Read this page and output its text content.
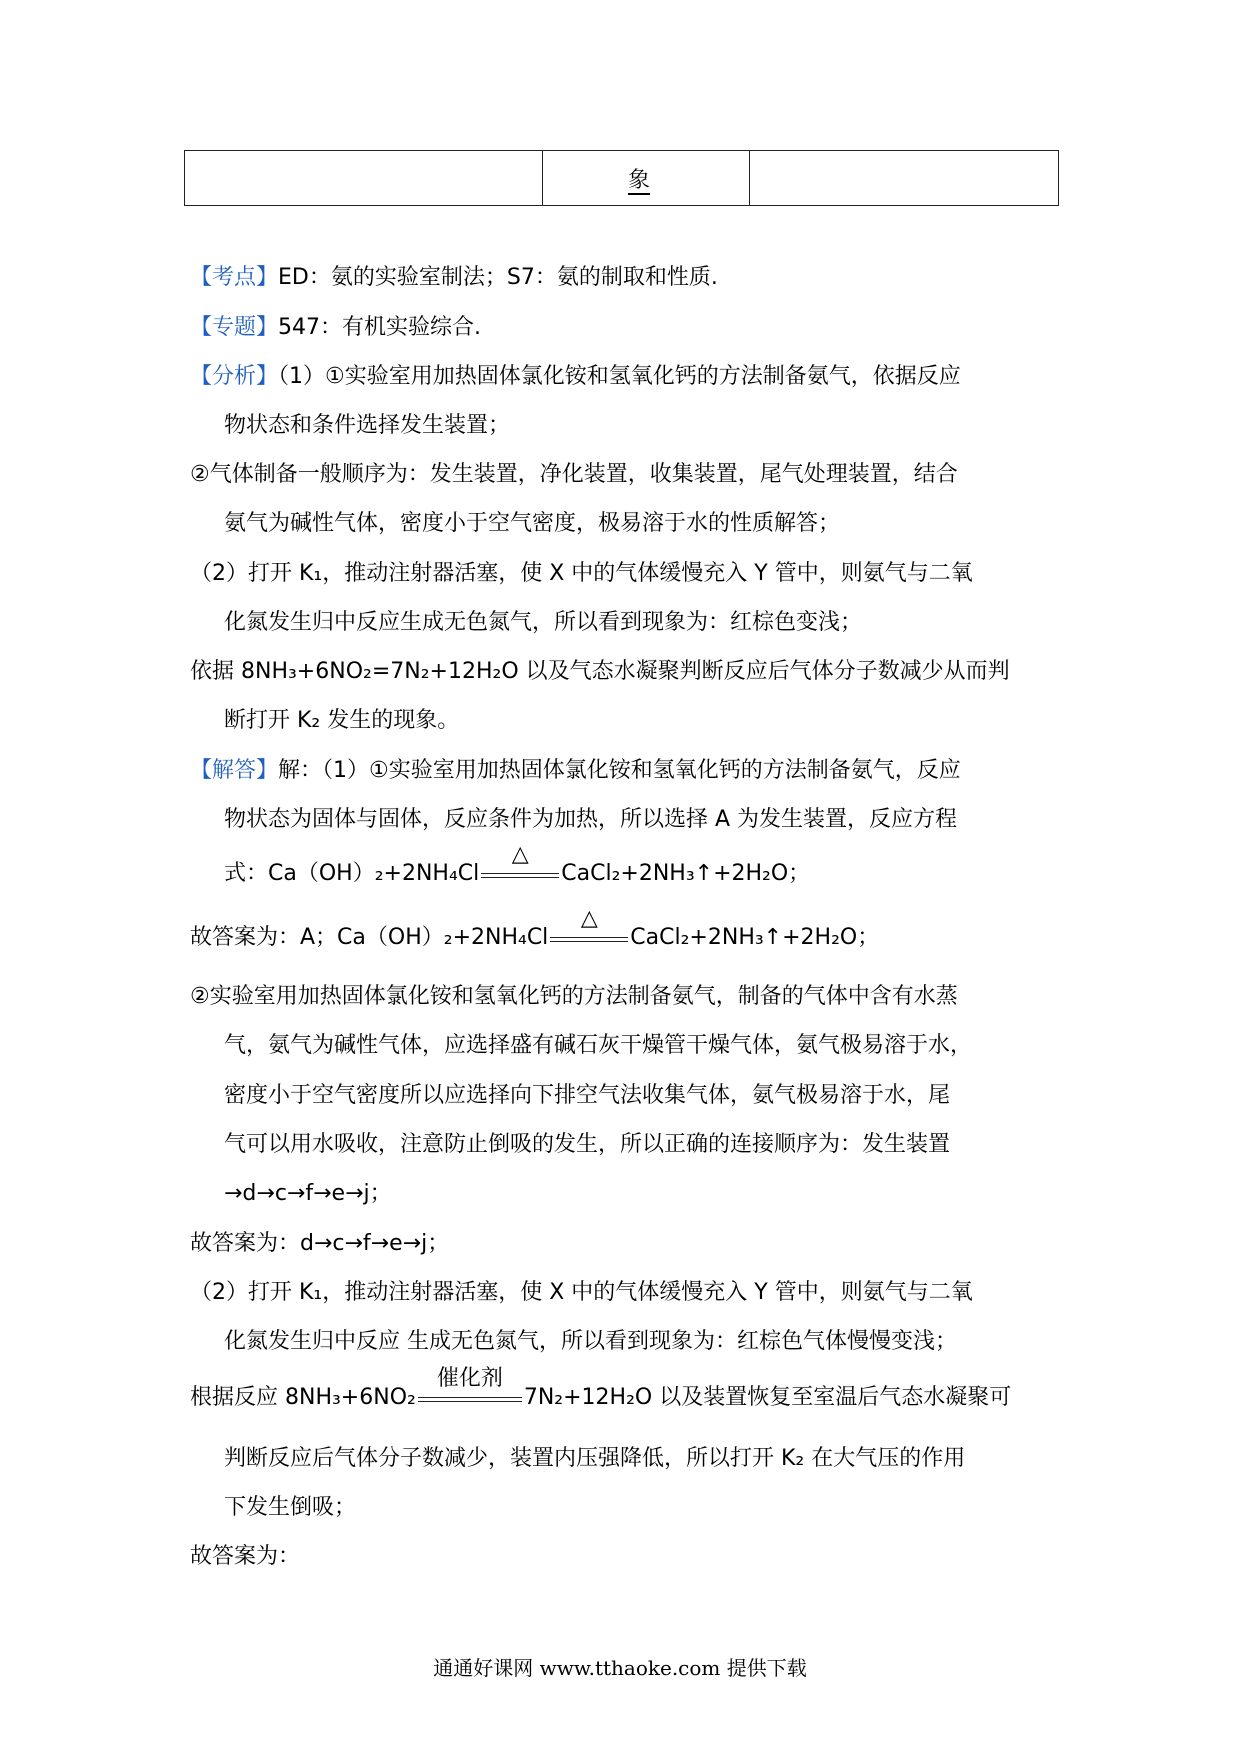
	象	
【考点】ED：氨的实验室制法；S7：氨的制取和性质.
【专题】547：有机实验综合.
【分析】（1）①实验室用加热固体氯化铵和氢氧化钙的方法制备氨气，依据反应
物状态和条件选择发生装置；
②气体制备一般顺序为：发生装置，净化装置，收集装置，尾气处理装置，结合
氨气为碱性气体，密度小于空气密度，极易溶于水的性质解答；
（2）打开 K₁，推动注射器活塞，使 X 中的气体缓慢充入 Y 管中，则氨气与二氧
化氮发生归中反应生成无色氮气，所以看到现象为：红棕色变浅；
依据 8NH₃+6NO₂=7N₂+12H₂O 以及气态水凝聚判断反应后气体分子数减少从而判
断打开 K₂ 发生的现象。
【解答】解：（1）①实验室用加热固体氯化铵和氢氧化钙的方法制备氨气，反应
物状态为固体与固体，反应条件为加热，所以选择 A 为发生装置，反应方程
式：Ca（OH）₂+2NH₄Cl
△
CaCl₂+2NH₃↑+2H₂O；
故答案为：A；Ca（OH）₂+2NH₄Cl
△
CaCl₂+2NH₃↑+2H₂O；
②实验室用加热固体氯化铵和氢氧化钙的方法制备氨气，制备的气体中含有水蒸
气，氨气为碱性气体，应选择盛有碱石灰干燥管干燥气体，氨气极易溶于水，
密度小于空气密度所以应选择向下排空气法收集气体，氨气极易溶于水，尾
气可以用水吸收，注意防止倒吸的发生，所以正确的连接顺序为：发生装置
→d→c→f→e→j；
故答案为：d→c→f→e→j；
（2）打开 K₁，推动注射器活塞，使 X 中的气体缓慢充入 Y 管中，则氨气与二氧
化氮发生归中反应 生成无色氮气，所以看到现象为：红棕色气体慢慢变浅；
根据反应 8NH₃+6NO₂
催化剂
7N₂+12H₂O 以及装置恢复至室温后气态水凝聚可
判断反应后气体分子数减少，装置内压强降低，所以打开 K₂ 在大气压的作用
下发生倒吸；
故答案为：
通通好课网 www.tthaoke.com 提供下载
